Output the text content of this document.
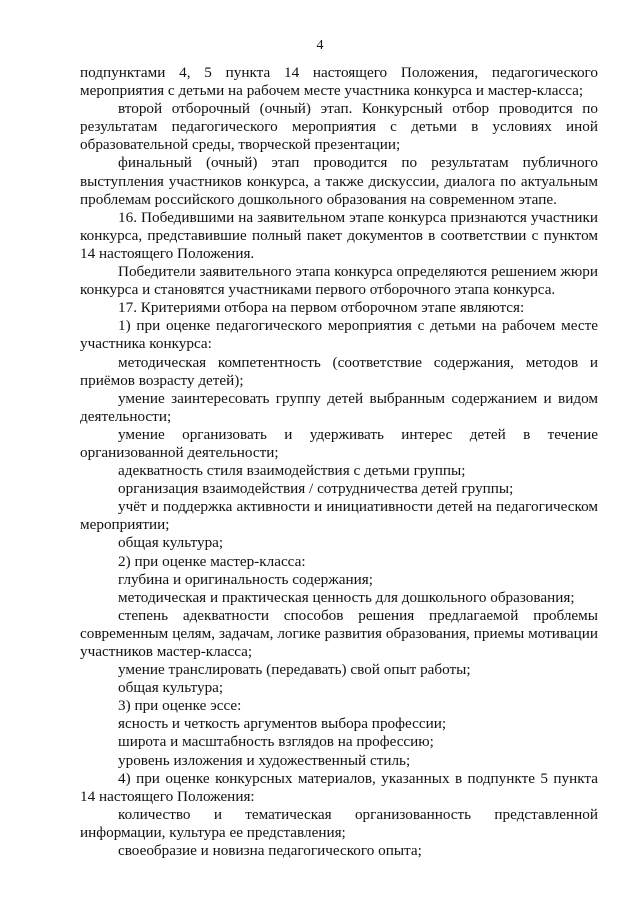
4

подпунктами 4, 5 пункта 14 настоящего Положения, педагогического мероприятия с детьми на рабочем месте участника конкурса и мастер-класса;

второй отборочный (очный) этап. Конкурсный отбор проводится по результатам педагогического мероприятия с детьми в условиях иной образовательной среды, творческой презентации;

финальный (очный) этап проводится по результатам публичного выступления участников конкурса, а также дискуссии, диалога по актуальным проблемам российского дошкольного образования на современном этапе.

16. Победившими на заявительном этапе конкурса признаются участники конкурса, представившие полный пакет документов в соответствии с пунктом 14 настоящего Положения.

Победители заявительного этапа конкурса определяются решением жюри конкурса и становятся участниками первого отборочного этапа конкурса.

17. Критериями отбора на первом отборочном этапе являются:

1) при оценке педагогического мероприятия с детьми на рабочем месте участника конкурса:

методическая компетентность (соответствие содержания, методов и приёмов возрасту детей);

умение заинтересовать группу детей выбранным содержанием и видом деятельности;

умение организовать и удерживать интерес детей в течение организованной деятельности;

адекватность стиля взаимодействия с детьми группы;

организация взаимодействия / сотрудничества детей группы;

учёт и поддержка активности и инициативности детей на педагогическом мероприятии;

общая культура;

2) при оценке мастер-класса:

глубина и оригинальность содержания;

методическая и практическая ценность для дошкольного образования;

степень адекватности способов решения предлагаемой проблемы современным целям, задачам, логике развития образования, приемы мотивации участников мастер-класса;

умение транслировать (передавать) свой опыт работы;

общая культура;

3) при оценке эссе:

ясность и четкость аргументов выбора профессии;

широта и масштабность взглядов на профессию;

уровень изложения и художественный стиль;

4) при оценке конкурсных материалов, указанных в подпункте 5 пункта 14 настоящего Положения:

количество и тематическая организованность представленной информации, культура ее представления;

своеобразие и новизна педагогического опыта;
